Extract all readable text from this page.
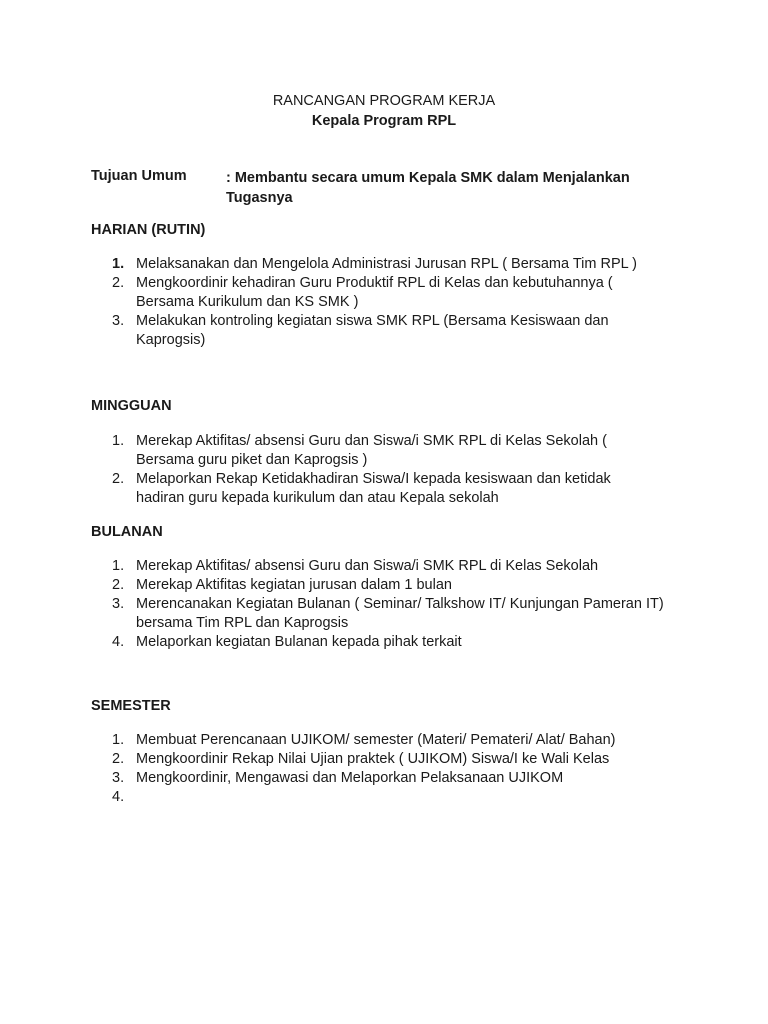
RANCANGAN PROGRAM KERJA
Kepala Program RPL
Tujuan Umum	: Membantu secara umum Kepala SMK dalam Menjalankan Tugasnya
HARIAN (RUTIN)
1. Melaksanakan dan Mengelola Administrasi Jurusan RPL ( Bersama Tim RPL )
2. Mengkoordinir kehadiran Guru Produktif RPL di Kelas dan kebutuhannya ( Bersama Kurikulum dan KS SMK )
3. Melakukan kontroling kegiatan siswa SMK RPL (Bersama Kesiswaan dan Kaprogsis)
MINGGUAN
1. Merekap Aktifitas/ absensi Guru dan Siswa/i SMK RPL di Kelas Sekolah ( Bersama guru piket dan Kaprogsis )
2. Melaporkan Rekap Ketidakhadiran Siswa/I kepada kesiswaan dan ketidak hadiran guru kepada kurikulum dan atau Kepala sekolah
BULANAN
1. Merekap Aktifitas/ absensi Guru dan Siswa/i SMK RPL di Kelas Sekolah
2. Merekap Aktifitas kegiatan jurusan dalam 1 bulan
3. Merencanakan Kegiatan Bulanan ( Seminar/ Talkshow IT/ Kunjungan Pameran IT) bersama Tim RPL dan Kaprogsis
4. Melaporkan kegiatan Bulanan kepada pihak terkait
SEMESTER
1. Membuat Perencanaan UJIKOM/ semester (Materi/ Pemateri/ Alat/ Bahan)
2. Mengkoordinir Rekap Nilai Ujian praktek ( UJIKOM) Siswa/I ke Wali Kelas
3. Mengkoordinir, Mengawasi dan Melaporkan Pelaksanaan UJIKOM
4.
